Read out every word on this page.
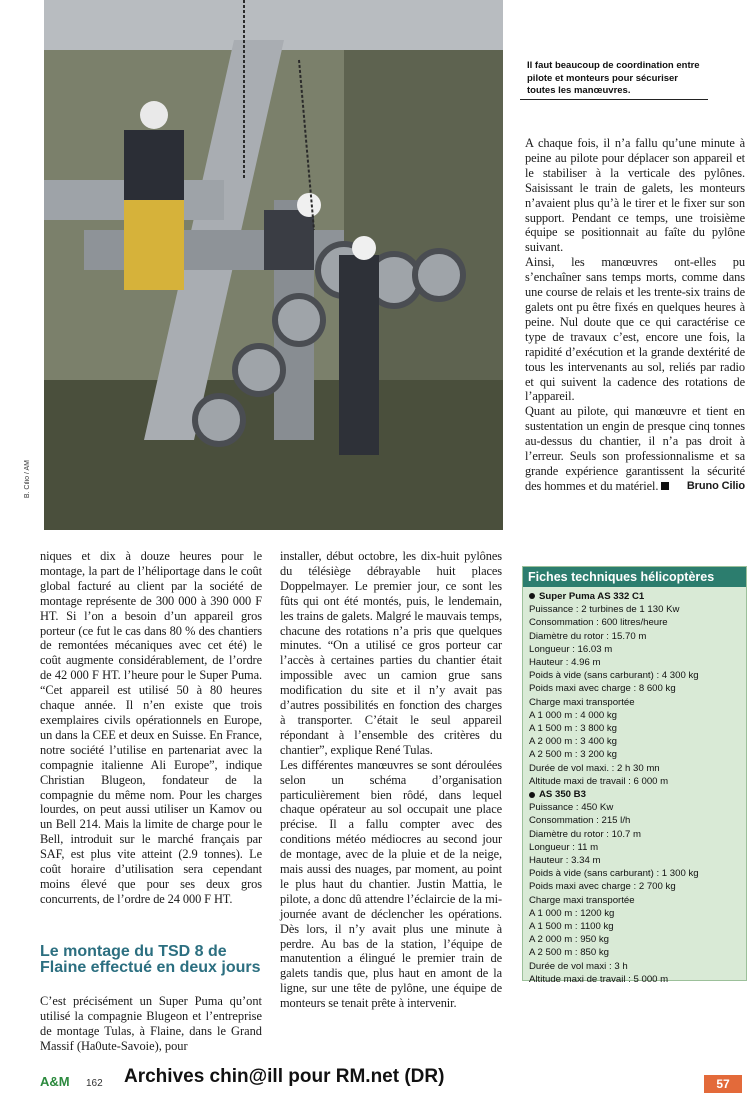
B. Cilio / AM
Il faut beaucoup de coordination entre pilote et monteurs pour sécuriser toutes les manœuvres.

A chaque fois, il n’a fallu qu’une minute à peine au pilote pour déplacer son appareil et le stabiliser à la verticale des pylônes. Saisissant le train de galets, les monteurs n’avaient plus qu’à le tirer et le fixer sur son support. Pendant ce temps, une troisième équipe se positionnait au faîte du pylône suivant.

Ainsi, les manœuvres ont-elles pu s’enchaîner sans temps morts, comme dans une course de relais et les trente-six trains de galets ont pu être fixés en quelques heures à peine. Nul doute que ce qui caractérise ce type de travaux c’est, encore une fois, la rapidité d’exécution et la grande dextérité de tous les intervenants au sol, reliés par radio et qui suivent la cadence des rotations de l’appareil.

Quant au pilote, qui manœuvre et tient en sustentation un engin de presque cinq tonnes au-dessus du chantier, il n’a pas droit à l’erreur. Seuls son professionnalisme et sa grande expérience garantissent la sécurité des hommes et du matériel.	Bruno Cilio

niques et dix à douze heures pour le montage, la part de l’héliportage dans le coût global facturé au client par la société de montage représente de 300 000 à 390 000 F HT. Si l’on a besoin d’un appareil gros porteur (ce fut le cas dans 80 % des chantiers de remontées mécaniques avec cet été) le coût augmente considérablement, de l’ordre de 42 000 F HT. l’heure pour le Super Puma. “Cet appareil est utilisé 50 à 80 heures chaque année. Il n’en existe que trois exemplaires civils opérationnels en Europe, un dans la CEE et deux en Suisse. En France, notre société l’utilise en partenariat avec la compagnie italienne Ali Europe”, indique Christian Blugeon, fondateur de la compagnie du même nom. Pour les charges lourdes, on peut aussi utiliser un Kamov ou un Bell 214. Mais la limite de charge pour le Bell, introduit sur le marché français par SAF, est plus vite atteint (2.9 tonnes). Le coût horaire d’utilisation sera cependant moins élevé que pour ses deux gros concurrents, de l’ordre de 24 000 F HT.

Le montage du TSD 8 de Flaine effectué en deux jours
C’est précisément un Super Puma qu’ont utilisé la compagnie Blugeon et l’entreprise de montage Tulas, à Flaine, dans le Grand Massif (Ha0ute-Savoie), pour

installer, début octobre, les dix-huit pylônes du télésiège débrayable huit places Doppelmayer. Le premier jour, ce sont les fûts qui ont été montés, puis, le lendemain, les trains de galets. Malgré le mauvais temps, chacune des rotations n’a pris que quelques minutes. “On a utilisé ce gros porteur car l’accès à certaines parties du chantier était impossible avec un camion grue sans modification du site et il n’y avait pas d’autres possibilités en fonction des charges à transporter. C’était le seul appareil répondant à l’ensemble des critères du chantier”, explique René Tulas.

Les différentes manœuvres se sont déroulées selon un schéma d’organisation particulièrement bien rôdé, dans lequel chaque opérateur au sol occupait une place précise. Il a fallu compter avec des conditions météo médiocres au second jour de montage, avec de la pluie et de la neige, mais aussi des nuages, par moment, au point le plus haut du chantier. Justin Mattia, le pilote, a donc dû attendre l’éclaircie de la mi-journée avant de déclencher les opérations. Dès lors, il n’y avait plus une minute à perdre. Au bas de la station, l’équipe de manutention a élingué le premier train de galets tandis que, plus haut en amont de la ligne, sur une tête de pylône, une équipe de monteurs se tenait prête à intervenir.

Fiches techniques hélicoptères
Super Puma AS 332 C1
Puissance : 2 turbines de 1 130 Kw
Consommation : 600 litres/heure
Diamètre du rotor : 15.70 m
Longueur : 16.03 m
Hauteur : 4.96 m
Poids à vide (sans carburant) : 4 300 kg
Poids maxi avec charge : 8 600 kg
Charge maxi transportée
A 1 000 m : 4 000 kg
A 1 500 m : 3 800 kg
A 2 000 m : 3 400 kg
A 2 500 m : 3 200 kg
Durée de vol maxi. : 2 h 30 mn
Altitude maxi de travail : 6 000 m
AS 350 B3
Puissance : 450 Kw
Consommation : 215 l/h
Diamètre du rotor : 10.7 m
Longueur : 11 m
Hauteur : 3.34 m
Poids à vide (sans carburant) : 1 300 kg
Poids maxi avec charge : 2 700 kg
Charge maxi transportée
A 1 000 m : 1200 kg
A 1 500 m : 1100 kg
A 2 000 m : 950 kg
A 2 500 m : 850 kg
Durée de vol maxi : 3 h
Altitude maxi de travail : 5 000 m
A&M 162 Archives chin@ill pour RM.net (DR)	57
